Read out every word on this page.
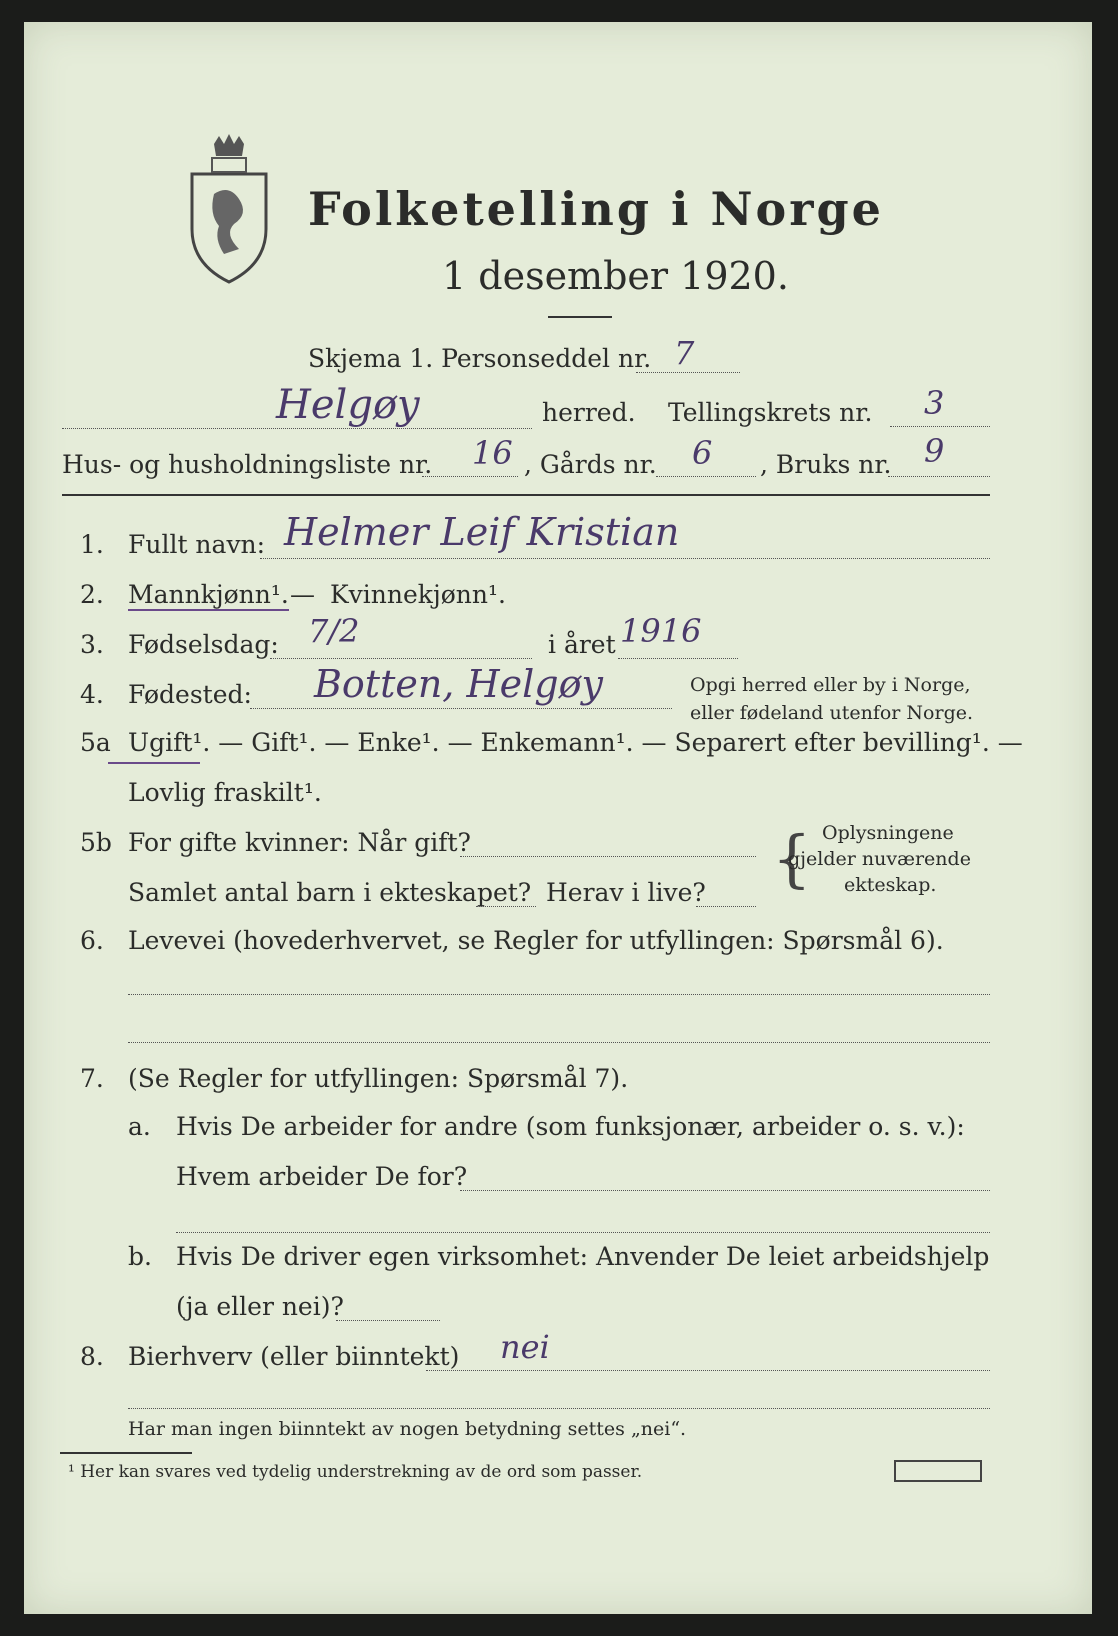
Folketelling i Norge
1 desember 1920.
Skjema 1. Personseddel nr. 7
Helgøy	herred. Tellingskrets nr. 3
Hus- og husholdningsliste nr. 16 , Gårds nr. 6 , Bruks nr. 9
1. Fullt navn: Helmer Leif Kristian
2. Mannkjønn¹. — Kvinnekjønn¹.
3. Fødselsdag: 7/2	i året 1916
4. Fødested: Botten, Helgøy	Opgi herred eller by i Norge,
eller fødeland utenfor Norge.
5a Ugift¹. — Gift¹. — Enke¹. — Enkemann¹. — Separert efter bevilling¹. —
Lovlig fraskilt¹.
5b For gifte kvinner: Når gift?
Samlet antal barn i ekteskapet? Herav i live? { Oplysningene
gjelder nuværende
ekteskap.
6. Levevei (hovederhvervet, se Regler for utfyllingen: Spørsmål 6).
7. (Se Regler for utfyllingen: Spørsmål 7).
a. Hvis De arbeider for andre (som funksjonær, arbeider o. s. v.):
Hvem arbeider De for?
b. Hvis De driver egen virksomhet: Anvender De leiet arbeidshjelp
(ja eller nei)?
8. Bierhverv (eller biinntekt) nei
Har man ingen biinntekt av nogen betydning settes „nei“.
¹ Her kan svares ved tydelig understrekning av de ord som passer.
